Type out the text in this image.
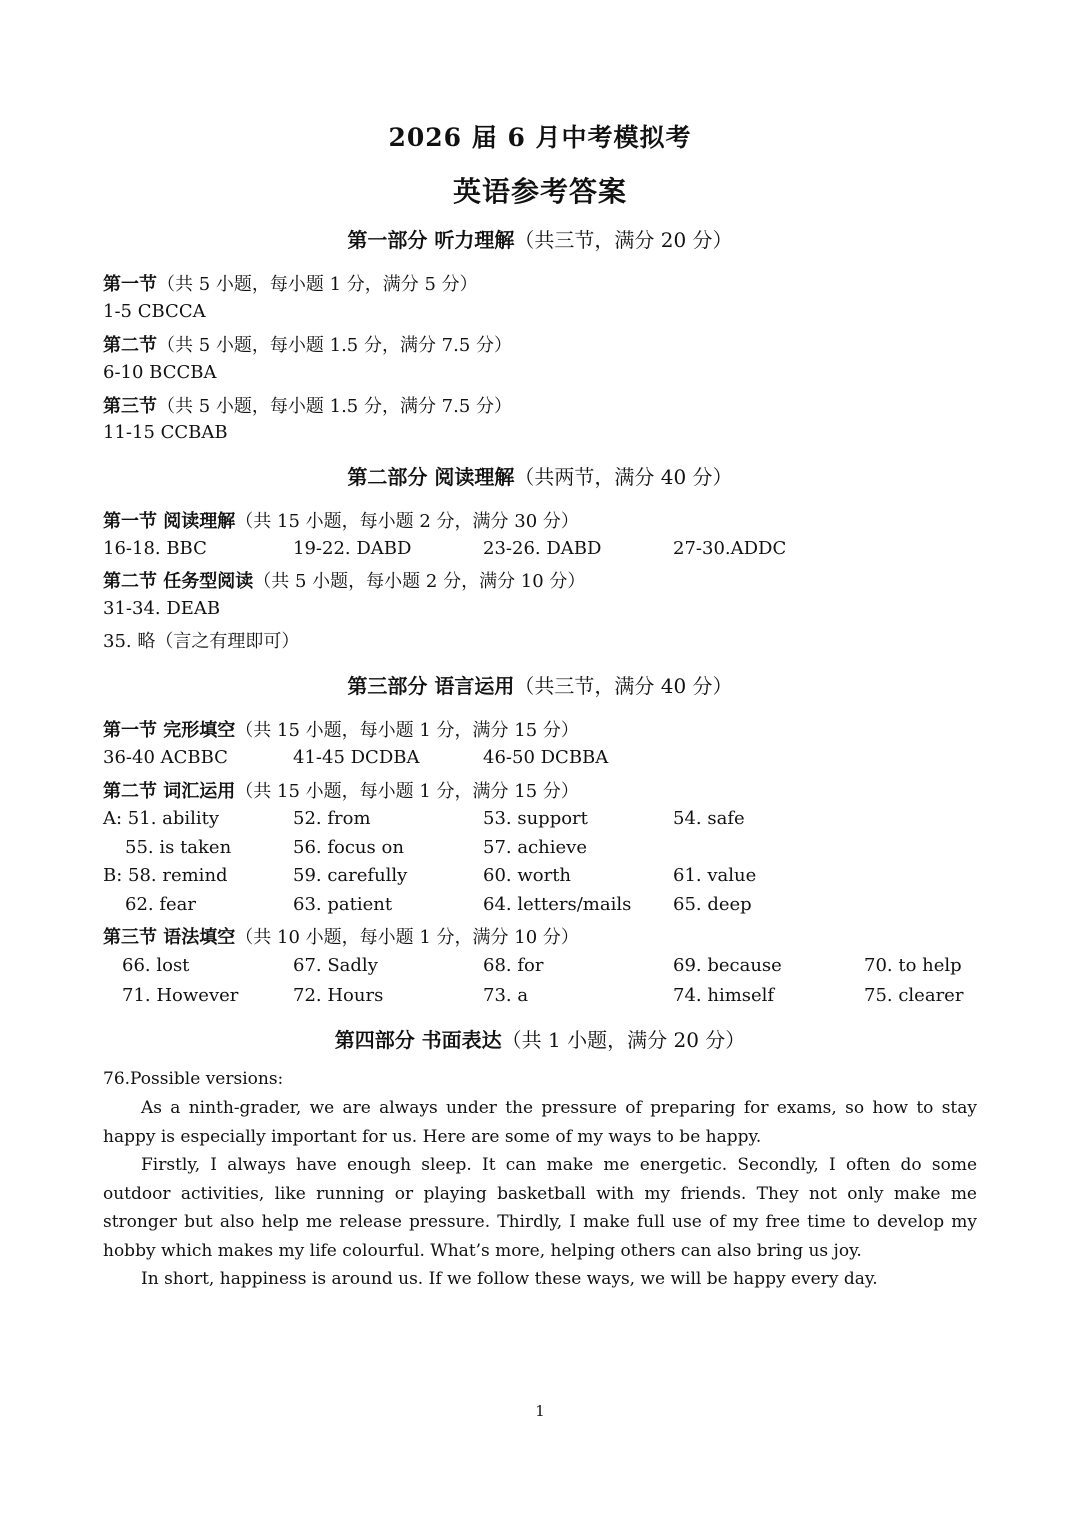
2026 届 6 月中考模拟考
英语参考答案
第一部分 听力理解（共三节，满分 20 分）
第一节（共 5 小题，每小题 1 分，满分 5 分）
1-5 CBCCA
第二节（共 5 小题，每小题 1.5 分，满分 7.5 分）
6-10 BCCBA
第三节（共 5 小题，每小题 1.5 分，满分 7.5 分）
11-15 CCBAB
第二部分 阅读理解（共两节，满分 40 分）
第一节 阅读理解（共 15 小题，每小题 2 分，满分 30 分）
16-18. BBC	19-22. DABD	23-26. DABD	27-30.ADDC
第二节 任务型阅读（共 5 小题，每小题 2 分，满分 10 分）
31-34. DEAB
35. 略（言之有理即可）
第三部分 语言运用（共三节，满分 40 分）
第一节 完形填空（共 15 小题，每小题 1 分，满分 15 分）
36-40 ACBBC	41-45 DCDBA	46-50 DCBBA
第二节 词汇运用（共 15 小题，每小题 1 分，满分 15 分）
A: 51. ability	52. from	53. support	54. safe
55. is taken	56. focus on	57. achieve
B: 58. remind	59. carefully	60. worth	61. value
62. fear	63. patient	64. letters/mails 65. deep
第三节 语法填空（共 10 小题，每小题 1 分，满分 10 分）
66. lost	67. Sadly	68. for	69. because	70. to help
71. However	72. Hours	73. a	74. himself	75. clearer
第四部分 书面表达（共 1 小题，满分 20 分）
76.Possible versions:
As a ninth-grader, we are always under the pressure of preparing for exams, so how to stay happy is especially important for us. Here are some of my ways to be happy.
Firstly, I always have enough sleep. It can make me energetic. Secondly, I often do some outdoor activities, like running or playing basketball with my friends. They not only make me stronger but also help me release pressure. Thirdly, I make full use of my free time to develop my hobby which makes my life colourful. What’s more, helping others can also bring us joy.
In short, happiness is around us. If we follow these ways, we will be happy every day.
1
